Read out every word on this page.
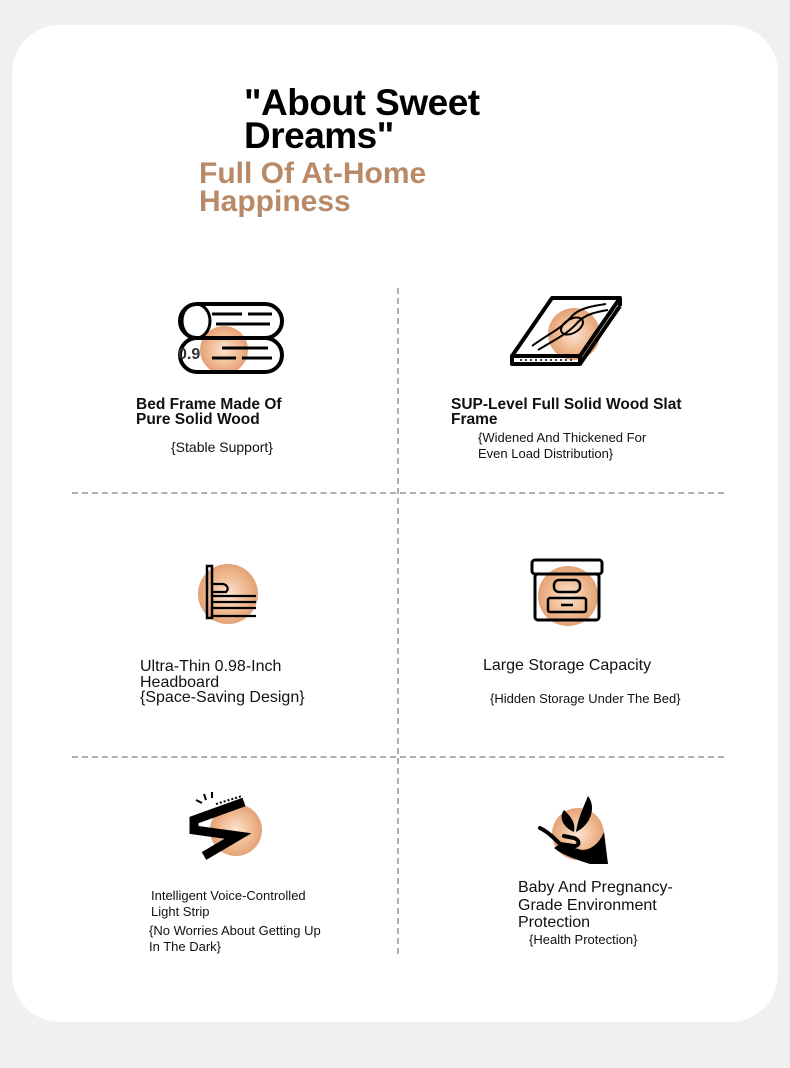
"About Sweet Dreams"
Full Of At-Home Happiness
0.9
Bed Frame Made Of Pure Solid Wood
{Stable Support}
SUP-Level Full Solid Wood Slat Frame
{Widened And Thickened For Even Load Distribution}
Ultra-Thin 0.98-Inch Headboard
{Space-Saving Design}
Large Storage Capacity
{Hidden Storage Under The Bed}
Intelligent Voice-Controlled Light Strip
{No Worries About Getting Up In The Dark}
Baby And Pregnancy-Grade Environment Protection
{Health Protection}
